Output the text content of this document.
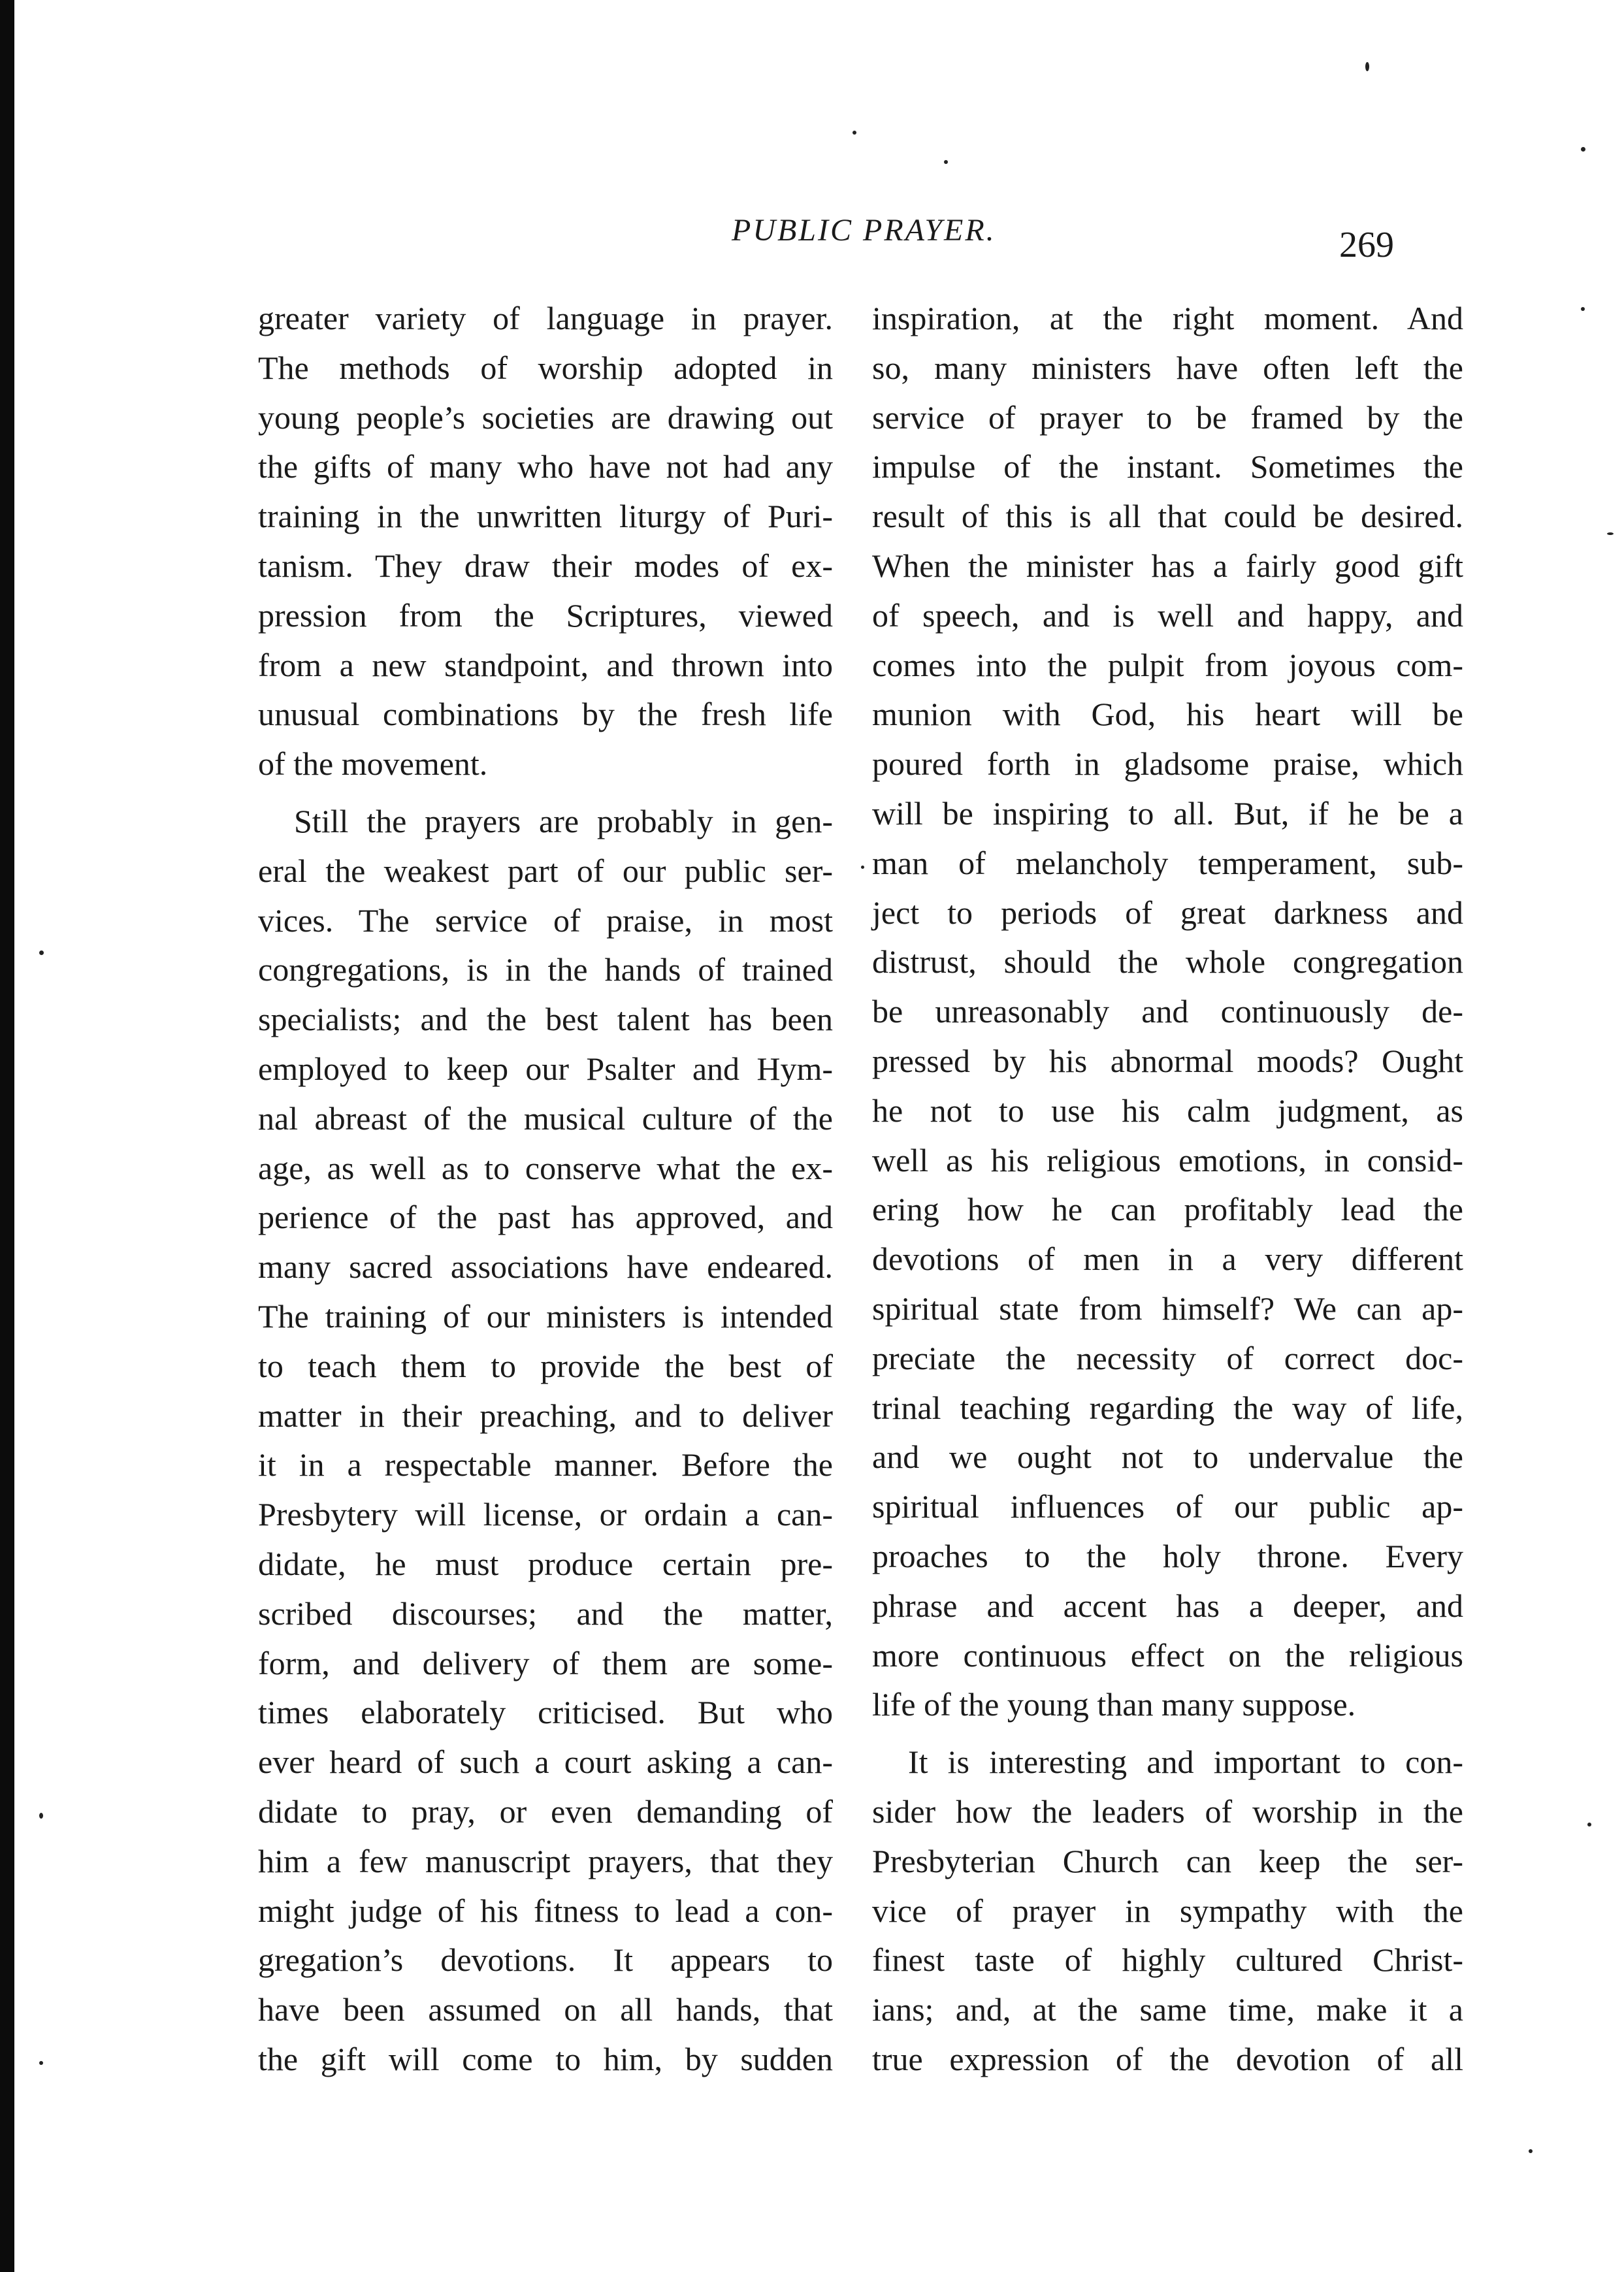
PUBLIC PRAYER.	269
greater variety of language in prayer.
The methods of worship adopted in
young people’s societies are drawing out
the gifts of many who have not had any
training in the unwritten liturgy of Puri-
tanism. They draw their modes of ex-
pression from the Scriptures, viewed
from a new standpoint, and thrown into
unusual combinations by the fresh life
of the movement.
Still the prayers are probably in gen-
eral the weakest part of our public ser-
vices. The service of praise, in most
congregations, is in the hands of trained
specialists; and the best talent has been
employed to keep our Psalter and Hym-
nal abreast of the musical culture of the
age, as well as to conserve what the ex-
perience of the past has approved, and
many sacred associations have endeared.
The training of our ministers is intended
to teach them to provide the best of
matter in their preaching, and to deliver
it in a respectable manner. Before the
Presbytery will license, or ordain a can-
didate, he must produce certain pre-
scribed discourses; and the matter,
form, and delivery of them are some-
times elaborately criticised. But who
ever heard of such a court asking a can-
didate to pray, or even demanding of
him a few manuscript prayers, that they
might judge of his fitness to lead a con-
gregation’s devotions. It appears to
have been assumed on all hands, that
the gift will come to him, by sudden
inspiration, at the right moment. And
so, many ministers have often left the
service of prayer to be framed by the
impulse of the instant. Sometimes the
result of this is all that could be desired.
When the minister has a fairly good gift
of speech, and is well and happy, and
comes into the pulpit from joyous com-
munion with God, his heart will be
poured forth in gladsome praise, which
will be inspiring to all. But, if he be a
man of melancholy temperament, sub-
ject to periods of great darkness and
distrust, should the whole congregation
be unreasonably and continuously de-
pressed by his abnormal moods? Ought
he not to use his calm judgment, as
well as his religious emotions, in consid-
ering how he can profitably lead the
devotions of men in a very different
spiritual state from himself? We can ap-
preciate the necessity of correct doc-
trinal teaching regarding the way of life,
and we ought not to undervalue the
spiritual influences of our public ap-
proaches to the holy throne. Every
phrase and accent has a deeper, and
more continuous effect on the religious
life of the young than many suppose.
It is interesting and important to con-
sider how the leaders of worship in the
Presbyterian Church can keep the ser-
vice of prayer in sympathy with the
finest taste of highly cultured Christ-
ians; and, at the same time, make it a
true expression of the devotion of all
